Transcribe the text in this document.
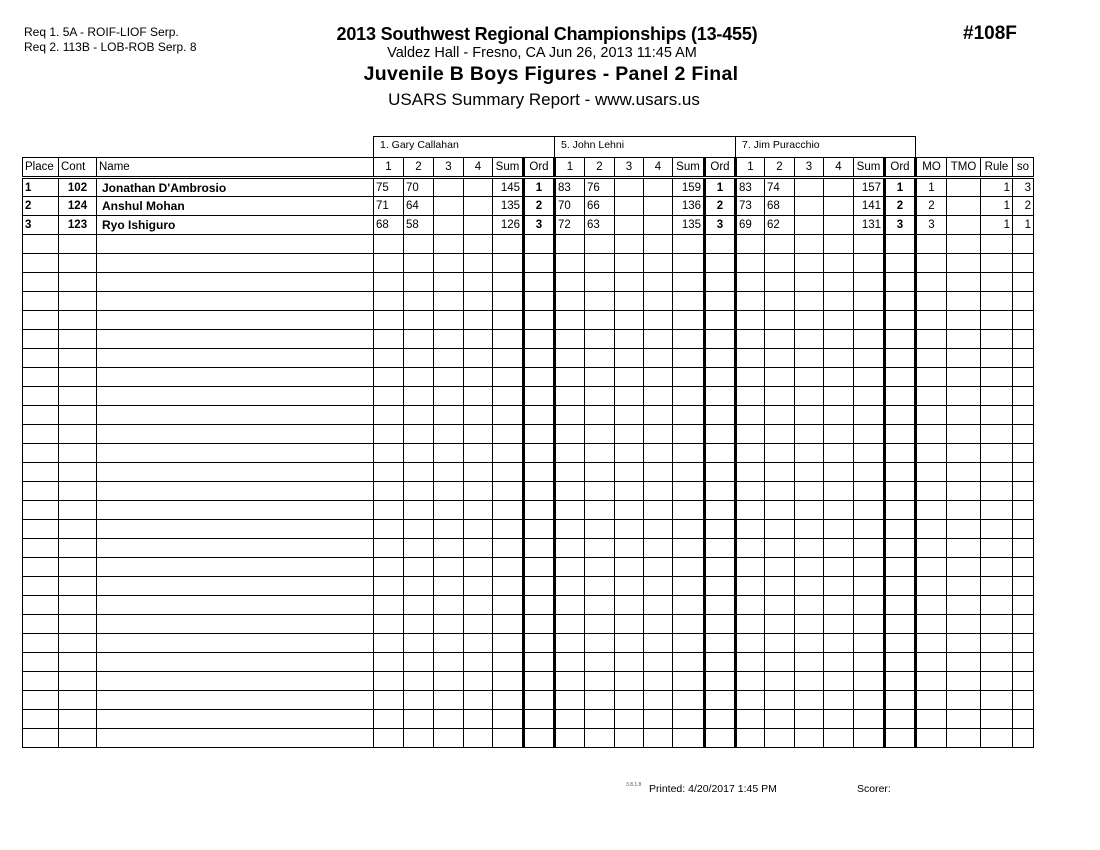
Req 1. 5A - ROIF-LIOF Serp.
Req 2. 113B - LOB-ROB Serp. 8
2013 Southwest Regional Championships (13-455)
Valdez Hall - Fresno, CA Jun 26, 2013 11:45 AM
Juvenile B Boys Figures - Panel 2 Final
USARS Summary Report - www.usars.us
#108F
1. Gary Callahan	5. John Lehni	7. Jim Puracchio
Place	Cont	Name	1	2	3	4	Sum	Ord	1	2	3	4	Sum	Ord	1	2	3	4	Sum	Ord	MO	TMO	Rule	so
1	102	Jonathan D'Ambrosio	75	70			145	1	83	76			159	1	83	74			157	1	1		1	3
2	124	Anshul Mohan	71	64			135	2	70	66			136	2	73	68			141	2	2		1	2
3	123	Ryo Ishiguro	68	58			126	3	72	63			135	3	69	62			131	3	3		1	1

3.8.1.8 Printed: 4/20/2017 1:45 PM	Scorer:
